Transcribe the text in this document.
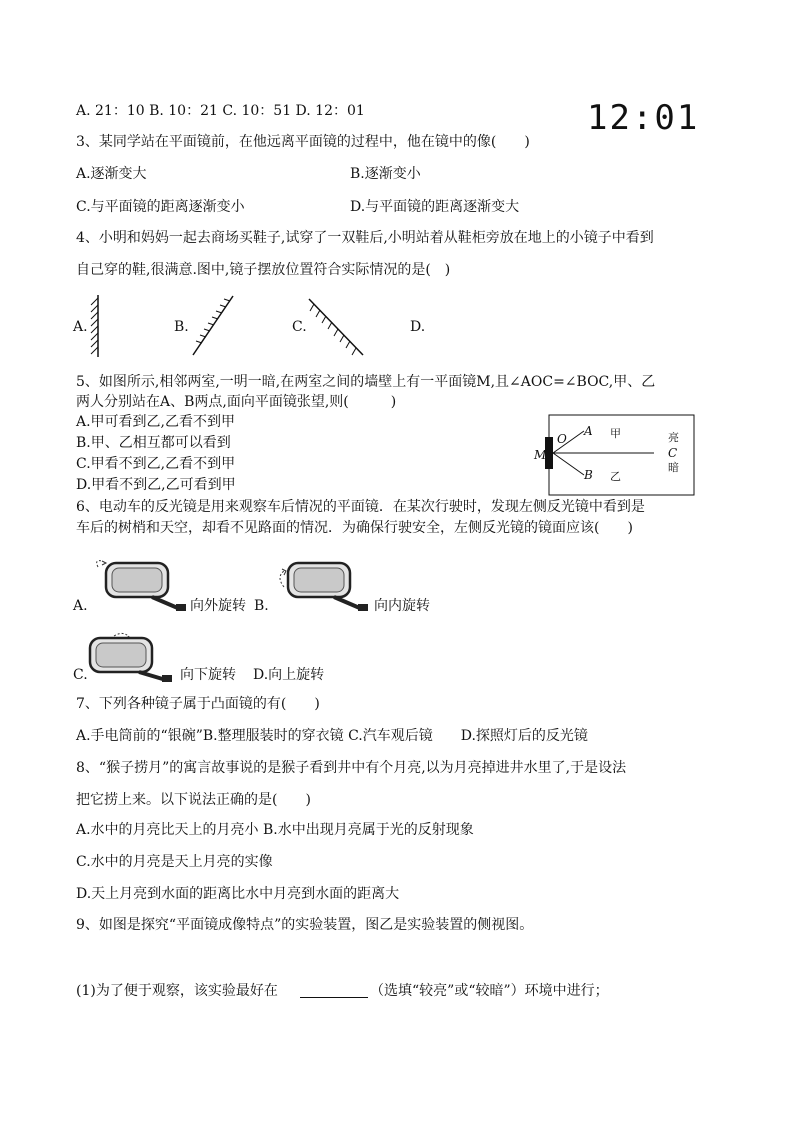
A. 21：10 B. 10：21 C. 10：51 D. 12：01	12:01
3、某同学站在平面镜前，在他远离平面镜的过程中，他在镜中的像(　　)
A.逐渐变大	B.逐渐变小
C.与平面镜的距离逐渐变小	D.与平面镜的距离逐渐变大
4、小明和妈妈一起去商场买鞋子,试穿了一双鞋后,小明站着从鞋柜旁放在地上的小镜子中看到
自己穿的鞋,很满意.图中,镜子摆放位置符合实际情况的是(　)
A.	B.	C.	D.
5、如图所示,相邻两室,一明一暗,在两室之间的墙壁上有一平面镜M,且∠AOC=∠BOC,甲、乙
两人分别站在A、B两点,面向平面镜张望,则(　　　)
A.甲可看到乙,乙看不到甲
B.甲、乙相互都可以看到
C.甲看不到乙,乙看不到甲
D.甲看不到乙,乙可看到甲
M
O
A
B
甲
乙
亮
C
暗
6、电动车的反光镜是用来观察车后情况的平面镜．在某次行驶时，发现左侧反光镜中看到是
车后的树梢和天空，却看不见路面的情况．为确保行驶安全，左侧反光镜的镜面应该(　　)
A.	向外旋转 B.	向内旋转
C.	向下旋转 D.向上旋转
7、下列各种镜子属于凸面镜的有(　　)
A.手电筒前的“银碗”B.整理服装时的穿衣镜 C.汽车观后镜　　D.探照灯后的反光镜
8、“猴子捞月”的寓言故事说的是猴子看到井中有个月亮,以为月亮掉进井水里了,于是设法
把它捞上来。以下说法正确的是(　　)
A.水中的月亮比天上的月亮小 B.水中出现月亮属于光的反射现象
C.水中的月亮是天上月亮的实像
D.天上月亮到水面的距离比水中月亮到水面的距离大
9、如图是探究“平面镜成像特点”的实验装置，图乙是实验装置的侧视图。
(1)为了便于观察，该实验最好在	（选填“较亮”或“较暗”）环境中进行；
